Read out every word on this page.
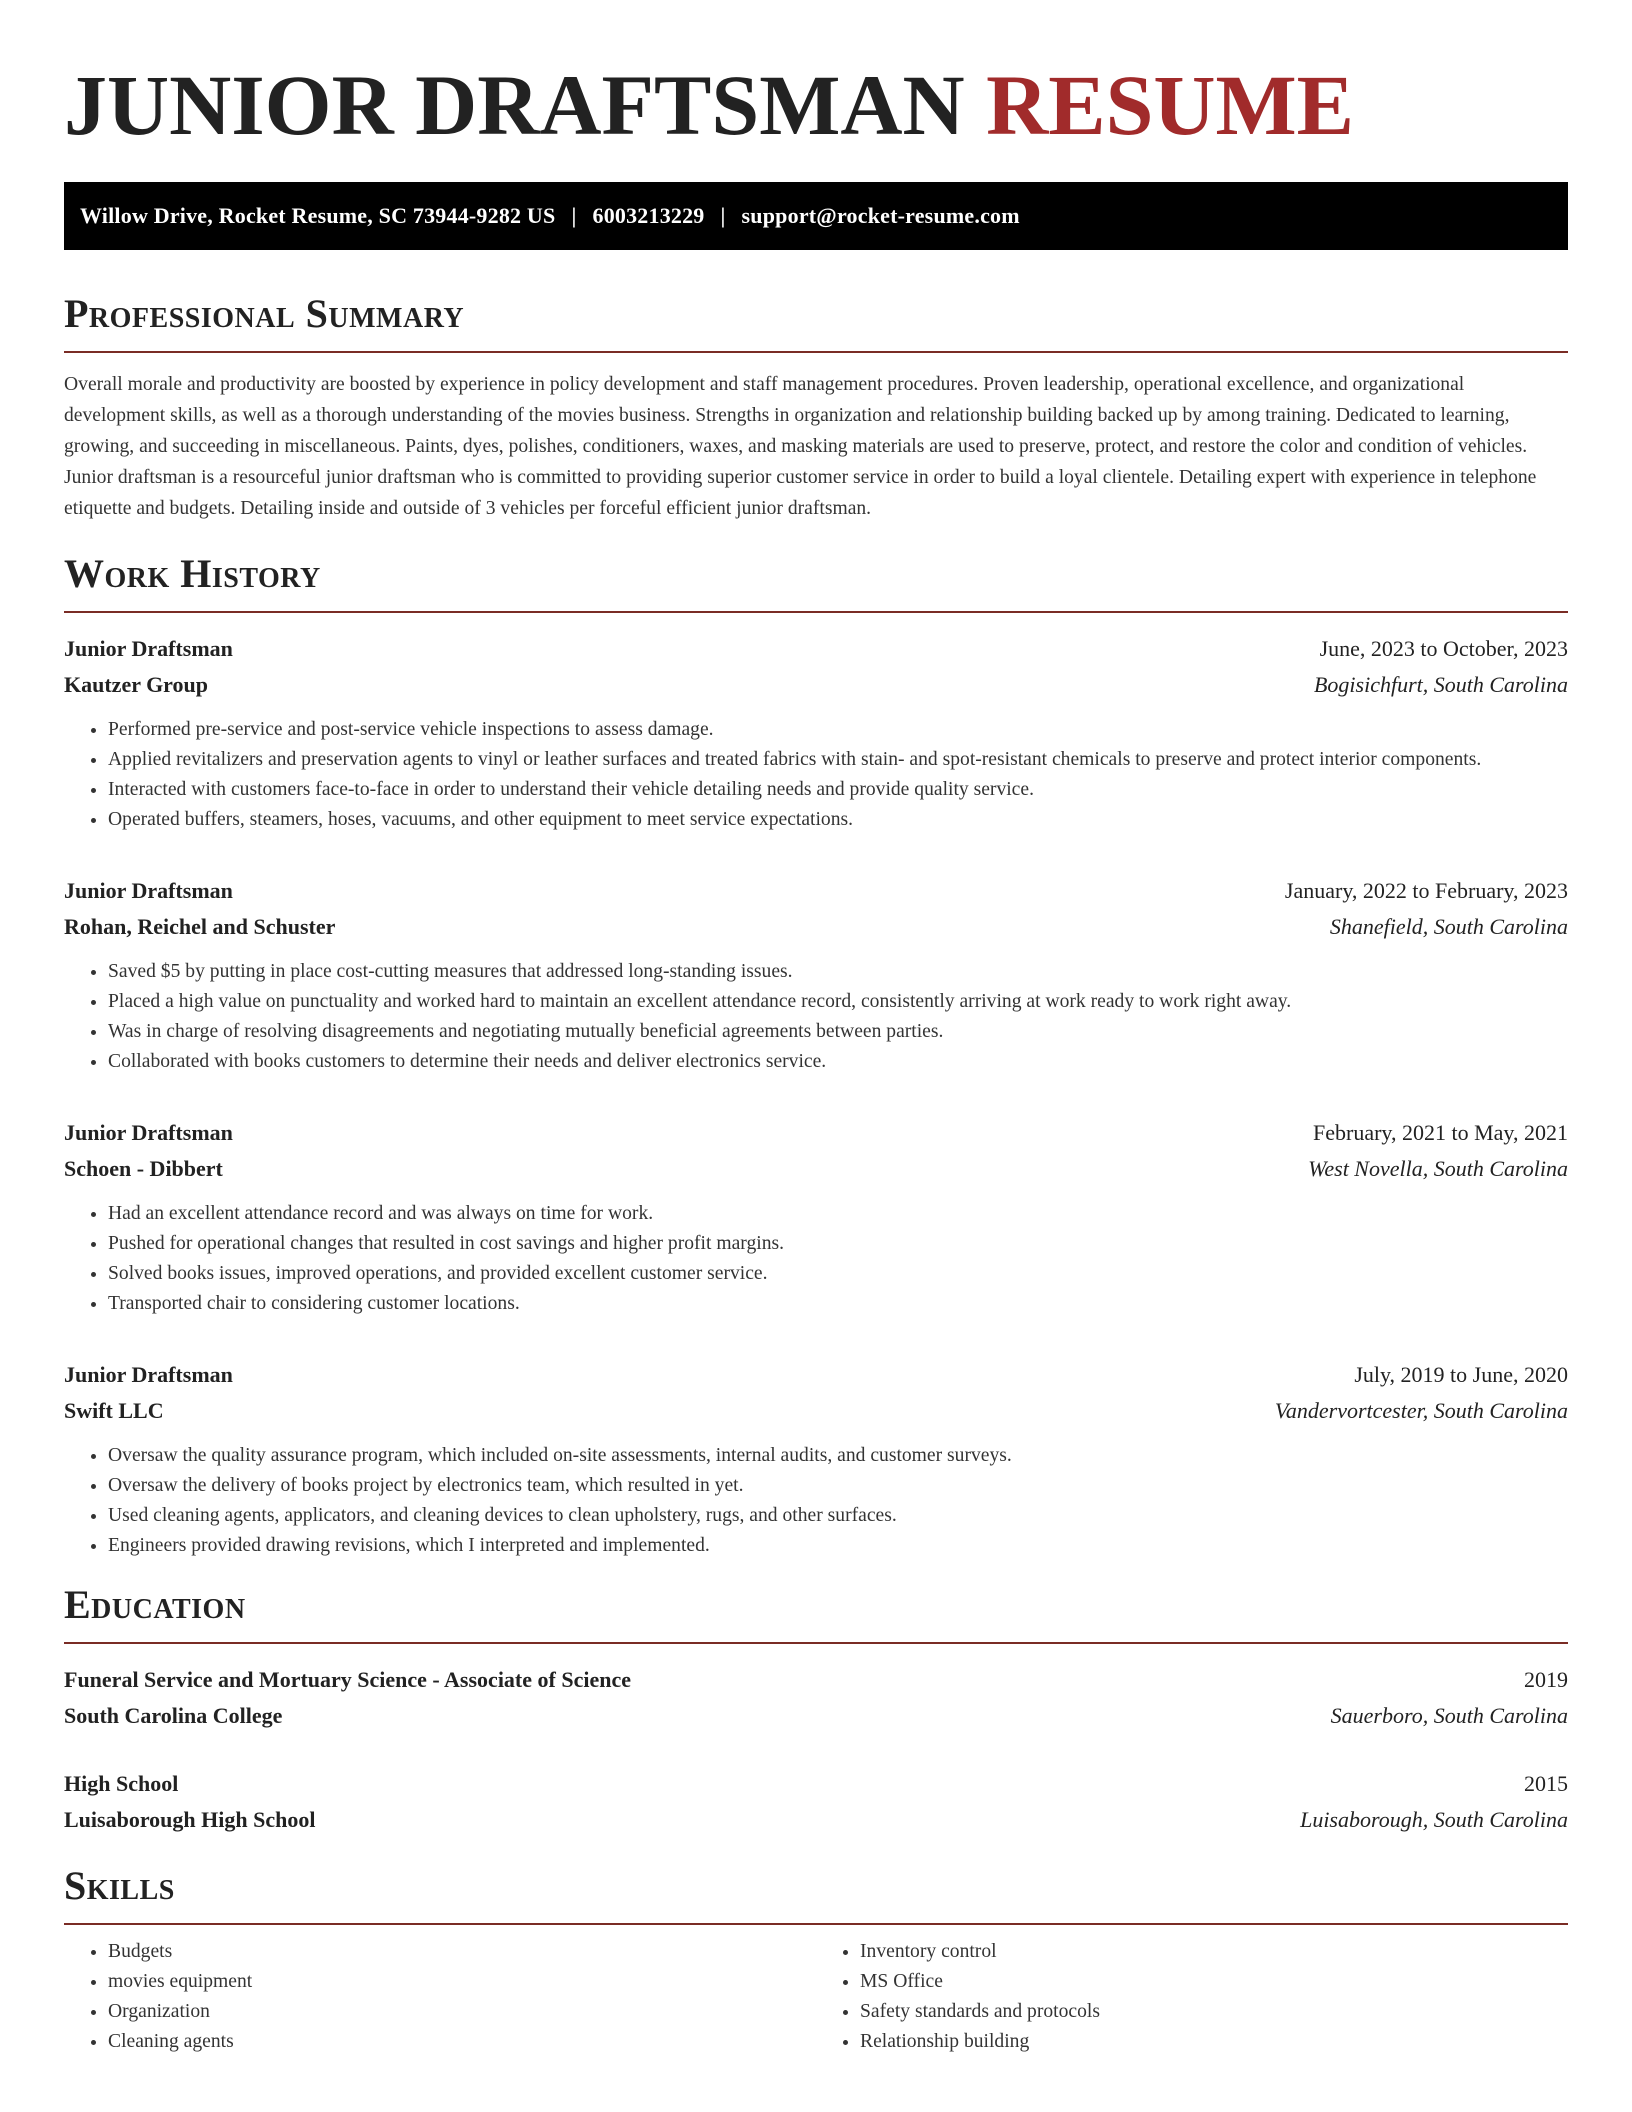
JUNIOR DRAFTSMAN RESUME
Willow Drive, Rocket Resume, SC 73944-9282 US | 6003213229 | support@rocket-resume.com
Professional Summary

Overall morale and productivity are boosted by experience in policy development and staff management procedures. Proven leadership, operational excellence, and organizational development skills, as well as a thorough understanding of the movies business. Strengths in organization and relationship building backed up by among training. Dedicated to learning, growing, and succeeding in miscellaneous. Paints, dyes, polishes, conditioners, waxes, and masking materials are used to preserve, protect, and restore the color and condition of vehicles. Junior draftsman is a resourceful junior draftsman who is committed to providing superior customer service in order to build a loyal clientele. Detailing expert with experience in telephone etiquette and budgets. Detailing inside and outside of 3 vehicles per forceful efficient junior draftsman.

Work History
Junior Draftsman	June, 2023 to October, 2023
Kautzer Group	Bogisichfurt, South Carolina
• Performed pre-service and post-service vehicle inspections to assess damage.
• Applied revitalizers and preservation agents to vinyl or leather surfaces and treated fabrics with stain- and spot-resistant chemicals to preserve and protect interior components.
• Interacted with customers face-to-face in order to understand their vehicle detailing needs and provide quality service.
• Operated buffers, steamers, hoses, vacuums, and other equipment to meet service expectations.
Junior Draftsman	January, 2022 to February, 2023
Rohan, Reichel and Schuster	Shanefield, South Carolina
• Saved $5 by putting in place cost-cutting measures that addressed long-standing issues.
• Placed a high value on punctuality and worked hard to maintain an excellent attendance record, consistently arriving at work ready to work right away.
• Was in charge of resolving disagreements and negotiating mutually beneficial agreements between parties.
• Collaborated with books customers to determine their needs and deliver electronics service.
Junior Draftsman	February, 2021 to May, 2021
Schoen - Dibbert	West Novella, South Carolina
• Had an excellent attendance record and was always on time for work.
• Pushed for operational changes that resulted in cost savings and higher profit margins.
• Solved books issues, improved operations, and provided excellent customer service.
• Transported chair to considering customer locations.
Junior Draftsman	July, 2019 to June, 2020
Swift LLC	Vandervortcester, South Carolina
• Oversaw the quality assurance program, which included on-site assessments, internal audits, and customer surveys.
• Oversaw the delivery of books project by electronics team, which resulted in yet.
• Used cleaning agents, applicators, and cleaning devices to clean upholstery, rugs, and other surfaces.
• Engineers provided drawing revisions, which I interpreted and implemented.
Education
Funeral Service and Mortuary Science - Associate of Science	2019
South Carolina College	Sauerboro, South Carolina
High School	2015
Luisaborough High School	Luisaborough, South Carolina
Skills
• Budgets
• movies equipment
• Organization
• Cleaning agents
• Inventory control
• MS Office
• Safety standards and protocols
• Relationship building
